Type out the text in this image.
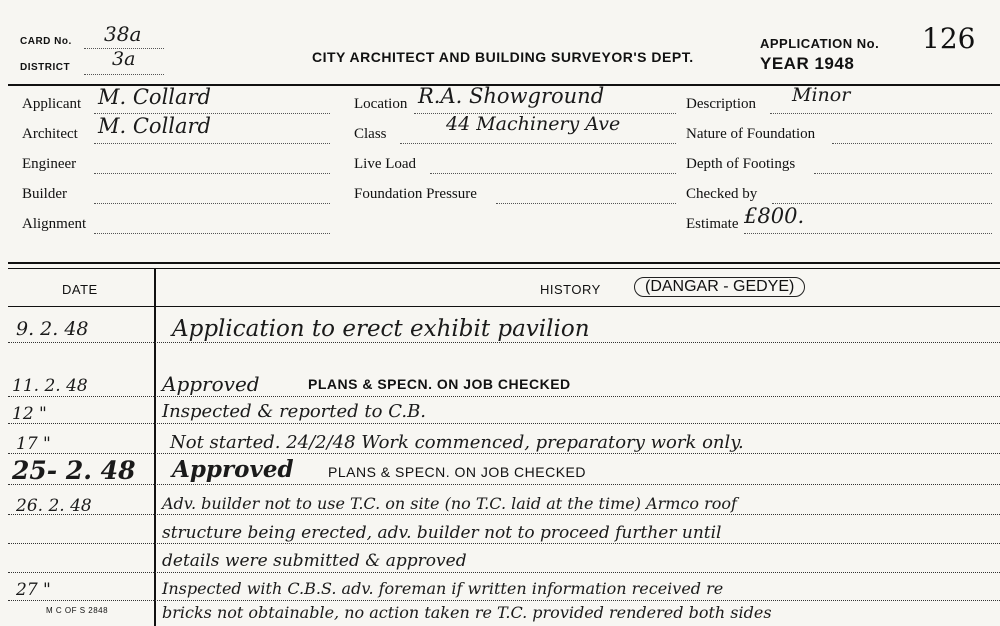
CARD No. 38a
DISTRICT 3a	CITY ARCHITECT AND BUILDING SURVEYOR'S DEPT.
APPLICATION No. 126
YEAR 1948
Applicant M. Collard
Architect M. Collard
Engineer
Builder
Alignment
Location R.A. Showground
Class	44 Machinery Ave
Live Load
Foundation Pressure
Description Minor
Nature of Foundation
Depth of Footings
Checked by
Estimate £800.
DATE	HISTORY	(DANGAR - GEDYE)
9. 2. 48	Application to erect exhibit pavilion
11. 2. 48	Approved	PLANS & SPECN. ON JOB CHECKED
12 "	Inspected & reported to C.B.
17 "	Not started. 24/2/48 Work commenced, preparatory work only.
25- 2. 48 Approved PLANS & SPECN. ON JOB CHECKED
26. 2. 48	Adv. builder not to use T.C. on site (no T.C. laid at the time) Armco roof
structure being erected, adv. builder not to proceed further until
details were submitted & approved
27 "	Inspected with C.B.S. adv. foreman if written information received re
bricks not obtainable, no action taken re T.C. provided rendered both sides
M C OF S 2848
